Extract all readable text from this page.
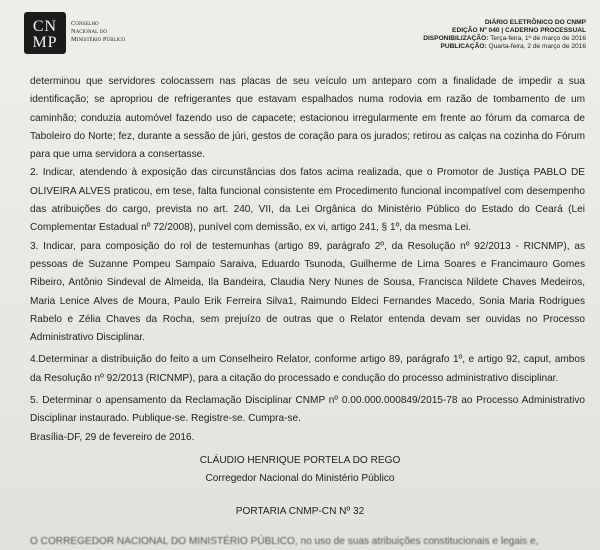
CN MP
Conselho
Nacional do
Ministério Público
DIÁRIO ELETRÔNICO DO CNMP
EDIÇÃO Nº 040 | CADERNO PROCESSUAL
DISPONIBILIZAÇÃO: Terça-feira, 1º de março de 2016
PUBLICAÇÃO: Quarta-feira, 2 de março de 2016

determinou que servidores colocassem nas placas de seu veículo um anteparo com a finalidade de impedir a sua identificação; se apropriou de refrigerantes que estavam espalhados numa rodovia em razão de tombamento de um caminhão; conduzia automóvel fazendo uso de capacete; estacionou irregularmente em frente ao fórum da comarca de Taboleiro do Norte; fez, durante a sessão de júri, gestos de coração para os jurados; retirou as calças na cozinha do Fórum para que uma servidora a consertasse.

2. Indicar, atendendo à exposição das circunstâncias dos fatos acima realizada, que o Promotor de Justiça PABLO DE OLIVEIRA ALVES praticou, em tese, falta funcional consistente em Procedimento funcional incompatível com desempenho das atribuições do cargo, prevista no art. 240, VII, da Lei Orgânica do Ministério Público do Estado do Ceará (Lei Complementar Estadual nº 72/2008), punível com demissão, ex vi, artigo 241, § 1º, da mesma Lei.

3. Indicar, para composição do rol de testemunhas (artigo 89, parágrafo 2º, da Resolução nº 92/2013 - RICNMP), as pessoas de Suzanne Pompeu Sampaio Saraiva, Eduardo Tsunoda, Guilherme de Lima Soares e Francimauro Gomes Ribeiro, Antônio Sindeval de Almeida, Ila Bandeira, Claudia Nery Nunes de Sousa, Francisca Nildete Chaves Medeiros, Maria Lenice Alves de Moura, Paulo Erik Ferreira Silva1, Raimundo Eldeci Fernandes Macedo, Sonia Maria Rodrigues Rabelo e Zélia Chaves da Rocha, sem prejuízo de outras que o Relator entenda devam ser ouvidas no Processo Administrativo Disciplinar.

4.Determinar a distribuição do feito a um Conselheiro Relator, conforme artigo 89, parágrafo 1º, e artigo 92, caput, ambos da Resolução nº 92/2013 (RICNMP), para a citação do processado e condução do processo administrativo disciplinar.

5. Determinar o apensamento da Reclamação Disciplinar CNMP nº 0.00.000.000849/2015-78 ao Processo Administrativo Disciplinar instaurado. Publique-se. Registre-se. Cumpra-se.

Brasília-DF, 29 de fevereiro de 2016.

CLÁUDIO HENRIQUE PORTELA DO REGO
Corregedor Nacional do Ministério Público
PORTARIA CNMP-CN Nº 32
O CORREGEDOR NACIONAL DO MINISTÉRIO PÚBLICO, no uso de suas atribuições constitucionais e legais e,
